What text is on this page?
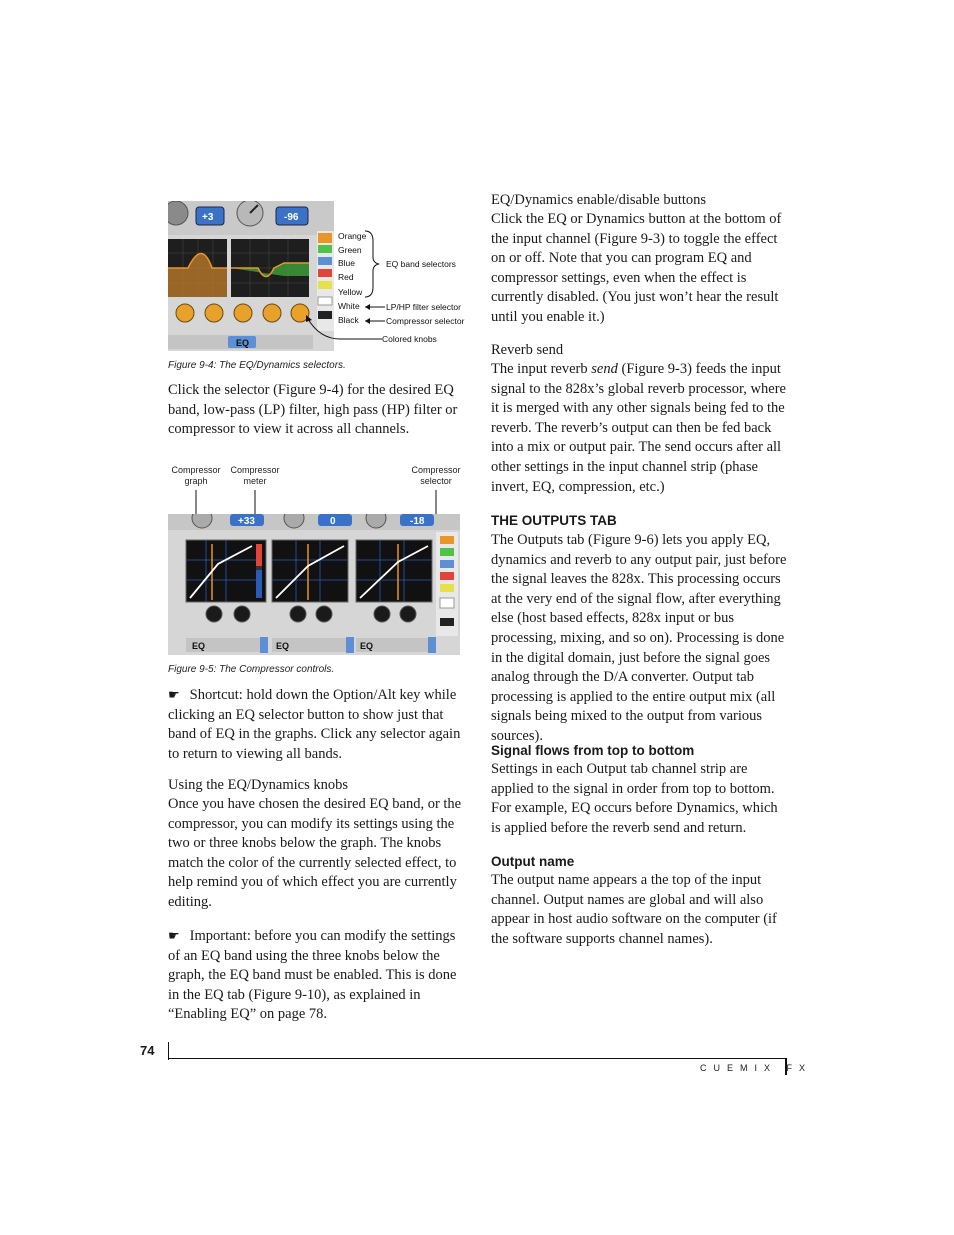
EQ
+3	-96
Orange
Green
Blue
Red
Yellow
White
Black
EQ band selectors
LP/HP filter selector
Compressor selector
Colored knobs
Figure 9-4: The EQ/Dynamics selectors.

Click the selector (Figure 9-4) for the desired EQ band, low-pass (LP) filter, high pass (HP) filter or compressor to view it across all channels.

Compressor graph
Compressor meter
Compressor selector
+33	0	-18
EQ	EQ	EQ
Figure 9-5: The Compressor controls.
☛ Shortcut: hold down the Option/Alt key while clicking an EQ selector button to show just that band of EQ in the graphs. Click any selector again to return to viewing all bands.
Using the EQ/Dynamics knobs

Once you have chosen the desired EQ band, or the compressor, you can modify its settings using the two or three knobs below the graph. The knobs match the color of the currently selected effect, to help remind you of which effect you are currently editing.

☛ Important: before you can modify the settings of an EQ band using the three knobs below the graph, the EQ band must be enabled. This is done in the EQ tab (Figure 9-10), as explained in “Enabling EQ” on page 78.
EQ/Dynamics enable/disable buttons

Click the EQ or Dynamics button at the bottom of the input channel (Figure 9-3) to toggle the effect on or off. Note that you can program EQ and compressor settings, even when the effect is currently disabled. (You just won’t hear the result until you enable it.)

Reverb send

The input reverb send (Figure 9-3) feeds the input signal to the 828x’s global reverb processor, where it is merged with any other signals being fed to the reverb. The reverb’s output can then be fed back into a mix or output pair. The send occurs after all other settings in the input channel strip (phase invert, EQ, compression, etc.)

THE OUTPUTS TAB

The Outputs tab (Figure 9-6) lets you apply EQ, dynamics and reverb to any output pair, just before the signal leaves the 828x. This processing occurs at the very end of the signal flow, after everything else (host based effects, 828x input or bus processing, mixing, and so on). Processing is done in the digital domain, just before the signal goes analog through the D/A converter. Output tab processing is applied to the entire output mix (all signals being mixed to the output from various sources).

Signal flows from top to bottom

Settings in each Output tab channel strip are applied to the signal in order from top to bottom. For example, EQ occurs before Dynamics, which is applied before the reverb send and return.

Output name

The output name appears a the top of the input channel. Output names are global and will also appear in host audio software on the computer (if the software supports channel names).

74
CUEMIX FX
